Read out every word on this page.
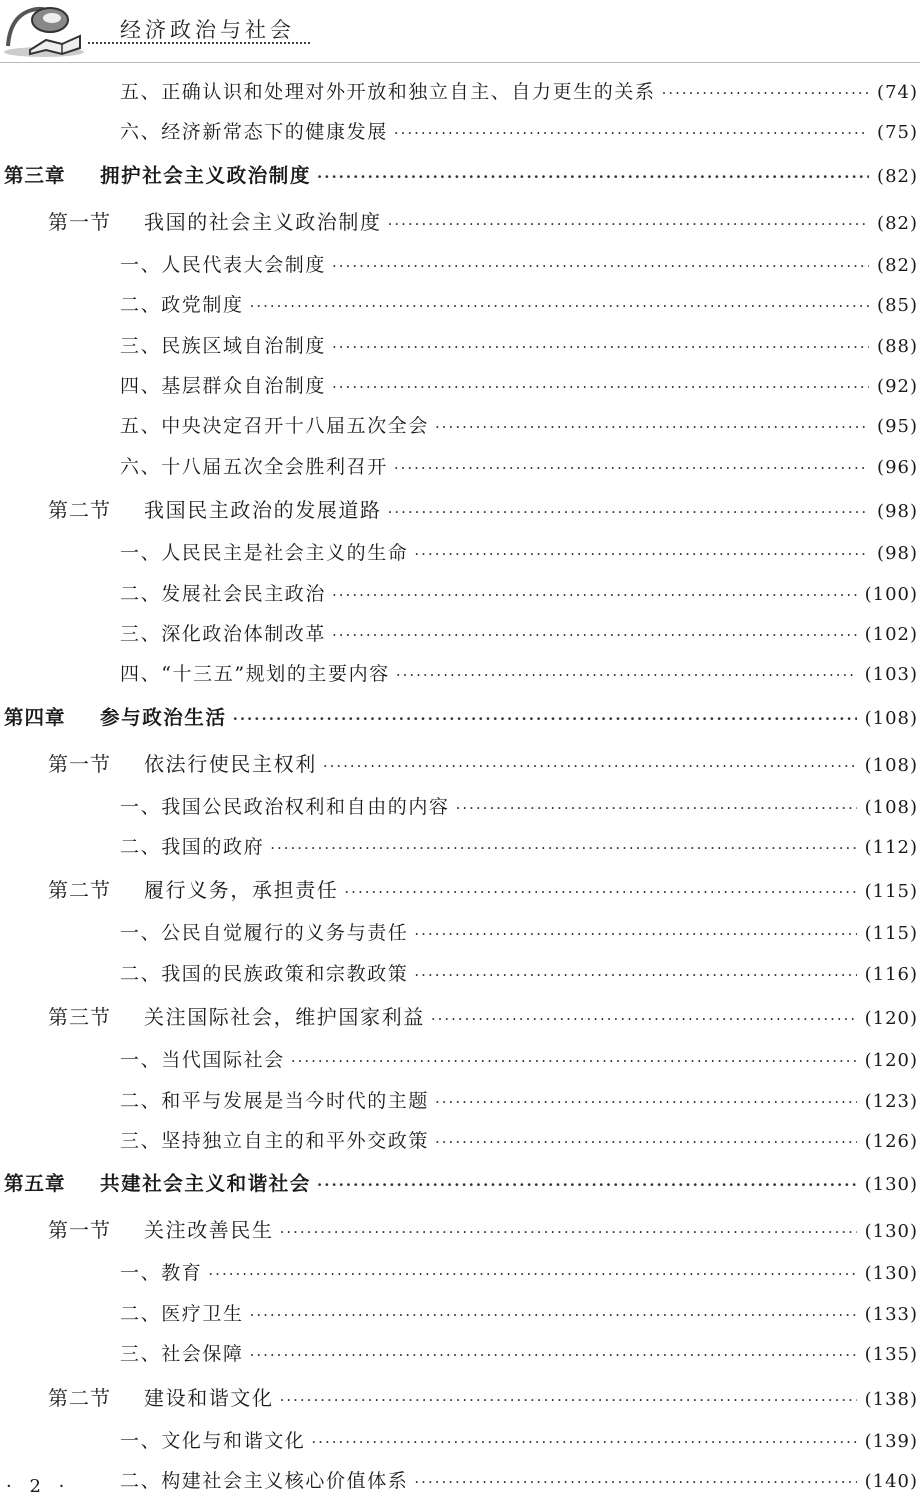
经济政治与社会
五、正确认识和处理对外开放和独立自主、自力更生的关系 ·····	(74)
六、经济新常态下的健康发展 ·····	(75)
第三章	拥护社会主义政治制度 ·····	(82)
第一节	我国的社会主义政治制度 ·····	(82)
一、人民代表大会制度 ·····	(82)
二、政党制度 ·····	(85)
三、民族区域自治制度 ·····	(88)
四、基层群众自治制度 ·····	(92)
五、中央决定召开十八届五次全会 ·····	(95)
六、十八届五次全会胜利召开 ·····	(96)
第二节	我国民主政治的发展道路 ·····	(98)
一、人民民主是社会主义的生命 ·····	(98)
二、发展社会民主政治 ·····	(100)
三、深化政治体制改革 ·····	(102)
四、“十三五”规划的主要内容 ·····	(103)
第四章	参与政治生活 ·····	(108)
第一节	依法行使民主权利 ·····	(108)
一、我国公民政治权利和自由的内容 ·····	(108)
二、我国的政府 ·····	(112)
第二节	履行义务，承担责任 ·····	(115)
一、公民自觉履行的义务与责任 ·····	(115)
二、我国的民族政策和宗教政策 ·····	(116)
第三节	关注国际社会，维护国家利益 ·····	(120)
一、当代国际社会 ·····	(120)
二、和平与发展是当今时代的主题 ·····	(123)
三、坚持独立自主的和平外交政策 ·····	(126)
第五章	共建社会主义和谐社会 ·····	(130)
第一节	关注改善民生 ·····	(130)
一、教育 ·····	(130)
二、医疗卫生 ·····	(133)
三、社会保障 ·····	(135)
第二节	建设和谐文化 ·····	(138)
一、文化与和谐文化 ·····	(139)
二、构建社会主义核心价值体系 ·····	(140)
· 2 ·
